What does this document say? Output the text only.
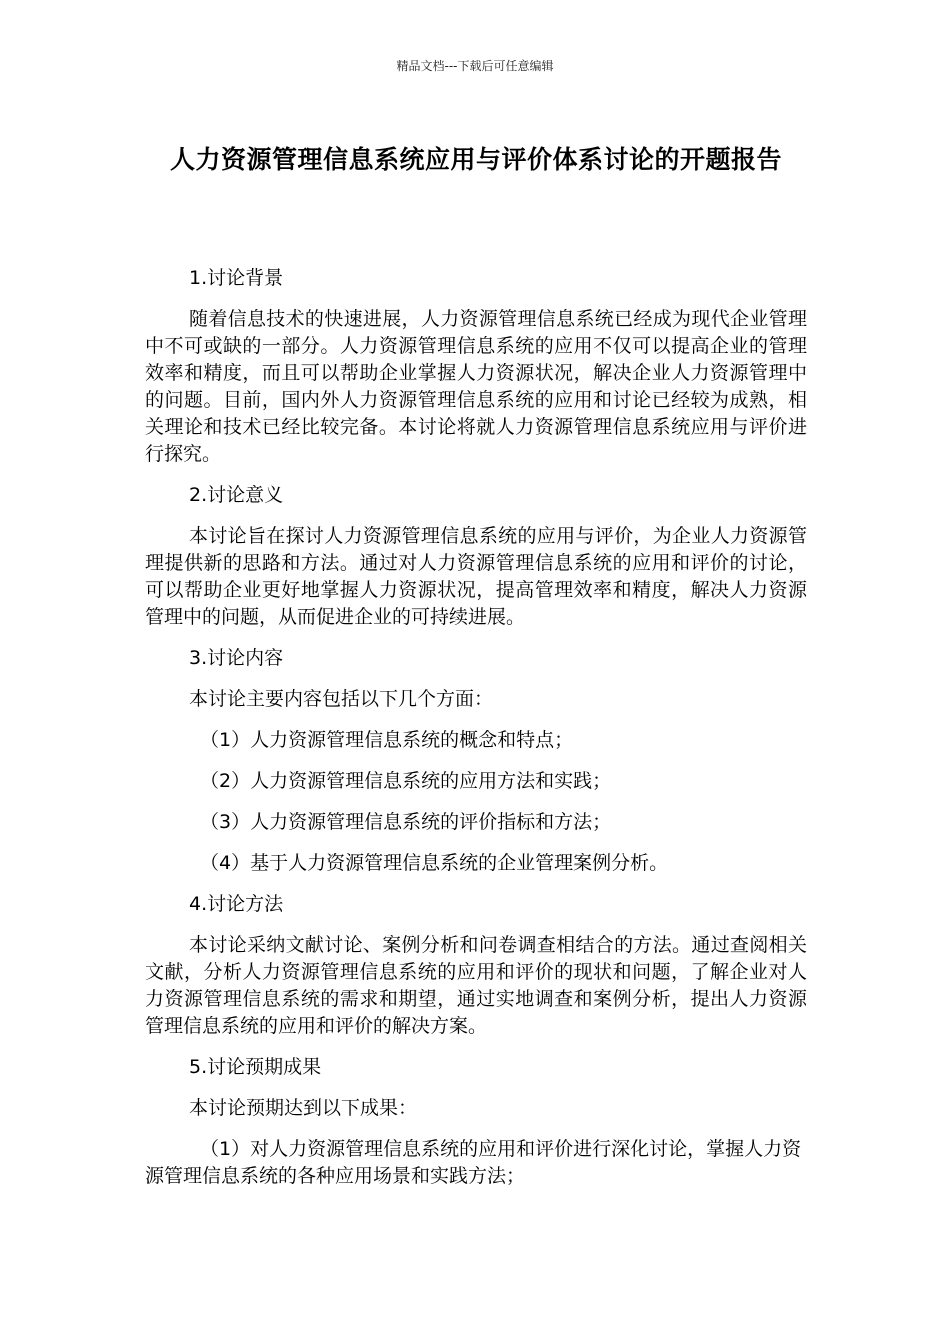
精品文档---下载后可任意编辑
人力资源管理信息系统应用与评价体系讨论的开题报告

1.讨论背景

随着信息技术的快速进展，人力资源管理信息系统已经成为现代企业管理中不可或缺的一部分。人力资源管理信息系统的应用不仅可以提高企业的管理效率和精度，而且可以帮助企业掌握人力资源状况，解决企业人力资源管理中的问题。目前，国内外人力资源管理信息系统的应用和讨论已经较为成熟，相关理论和技术已经比较完备。本讨论将就人力资源管理信息系统应用与评价进行探究。

2.讨论意义

本讨论旨在探讨人力资源管理信息系统的应用与评价，为企业人力资源管理提供新的思路和方法。通过对人力资源管理信息系统的应用和评价的讨论，可以帮助企业更好地掌握人力资源状况，提高管理效率和精度，解决人力资源管理中的问题，从而促进企业的可持续进展。

3.讨论内容

本讨论主要内容包括以下几个方面：

（1）人力资源管理信息系统的概念和特点；

（2）人力资源管理信息系统的应用方法和实践；

（3）人力资源管理信息系统的评价指标和方法；

（4）基于人力资源管理信息系统的企业管理案例分析。

4.讨论方法

本讨论采纳文献讨论、案例分析和问卷调查相结合的方法。通过查阅相关文献，分析人力资源管理信息系统的应用和评价的现状和问题，了解企业对人力资源管理信息系统的需求和期望，通过实地调查和案例分析，提出人力资源管理信息系统的应用和评价的解决方案。

5.讨论预期成果

本讨论预期达到以下成果：

（1）对人力资源管理信息系统的应用和评价进行深化讨论，掌握人力资源管理信息系统的各种应用场景和实践方法；
